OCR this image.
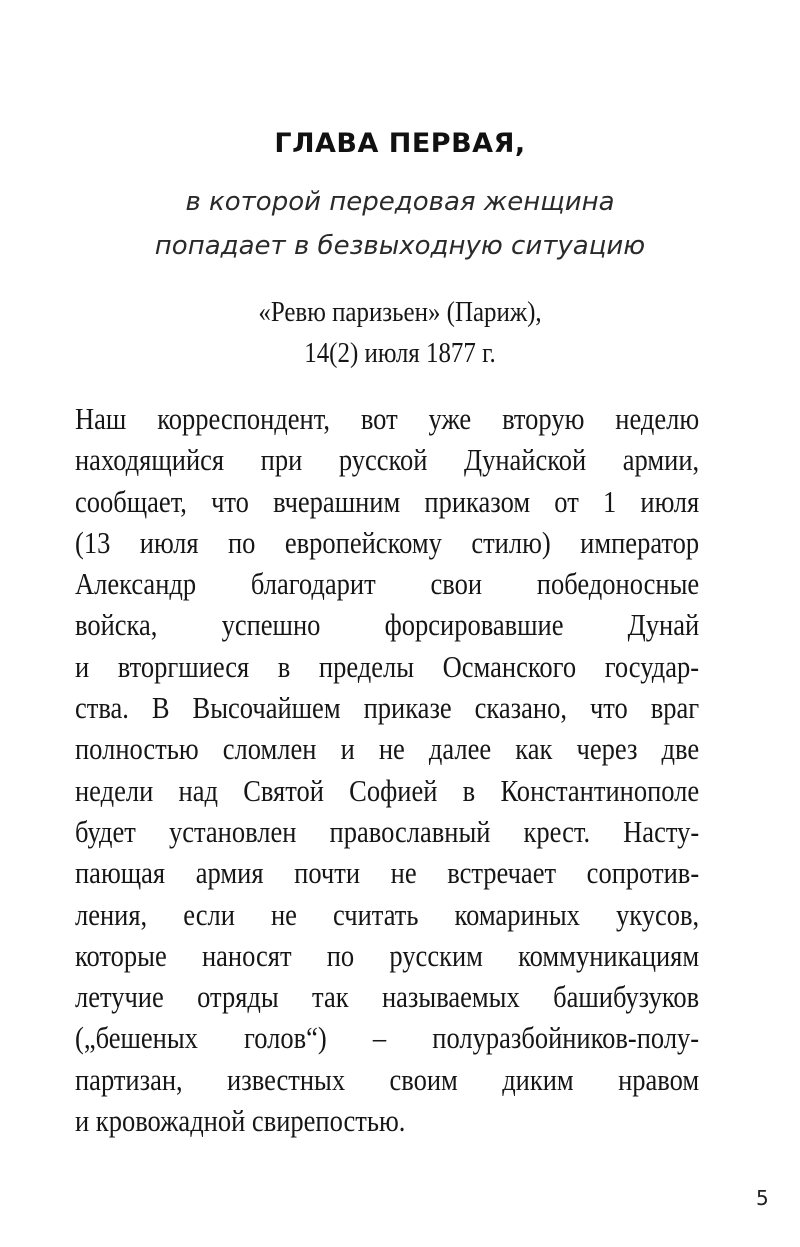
ГЛАВА ПЕРВАЯ,
в которой передовая женщина
попадает в безвыходную ситуацию
«Ревю паризьен» (Париж),
14(2) июля 1877 г.
Наш корреспондент, вот уже вторую неделю
находящийся при русской Дунайской армии,
сообщает, что вчерашним приказом от 1 июля
(13 июля по европейскому стилю) император
Александр благодарит свои победоносные
войска, успешно форсировавшие Дунай
и вторгшиеся в пределы Османского государ-
ства. В Высочайшем приказе сказано, что враг
полностью сломлен и не далее как через две
недели над Святой Софией в Константинополе
будет установлен православный крест. Насту-
пающая армия почти не встречает сопротив-
ления, если не считать комариных укусов,
которые наносят по русским коммуникациям
летучие отряды так называемых башибузуков
(„бешеных голов“) – полуразбойников-полу-
партизан, известных своим диким нравом
и кровожадной свирепостью.
5
